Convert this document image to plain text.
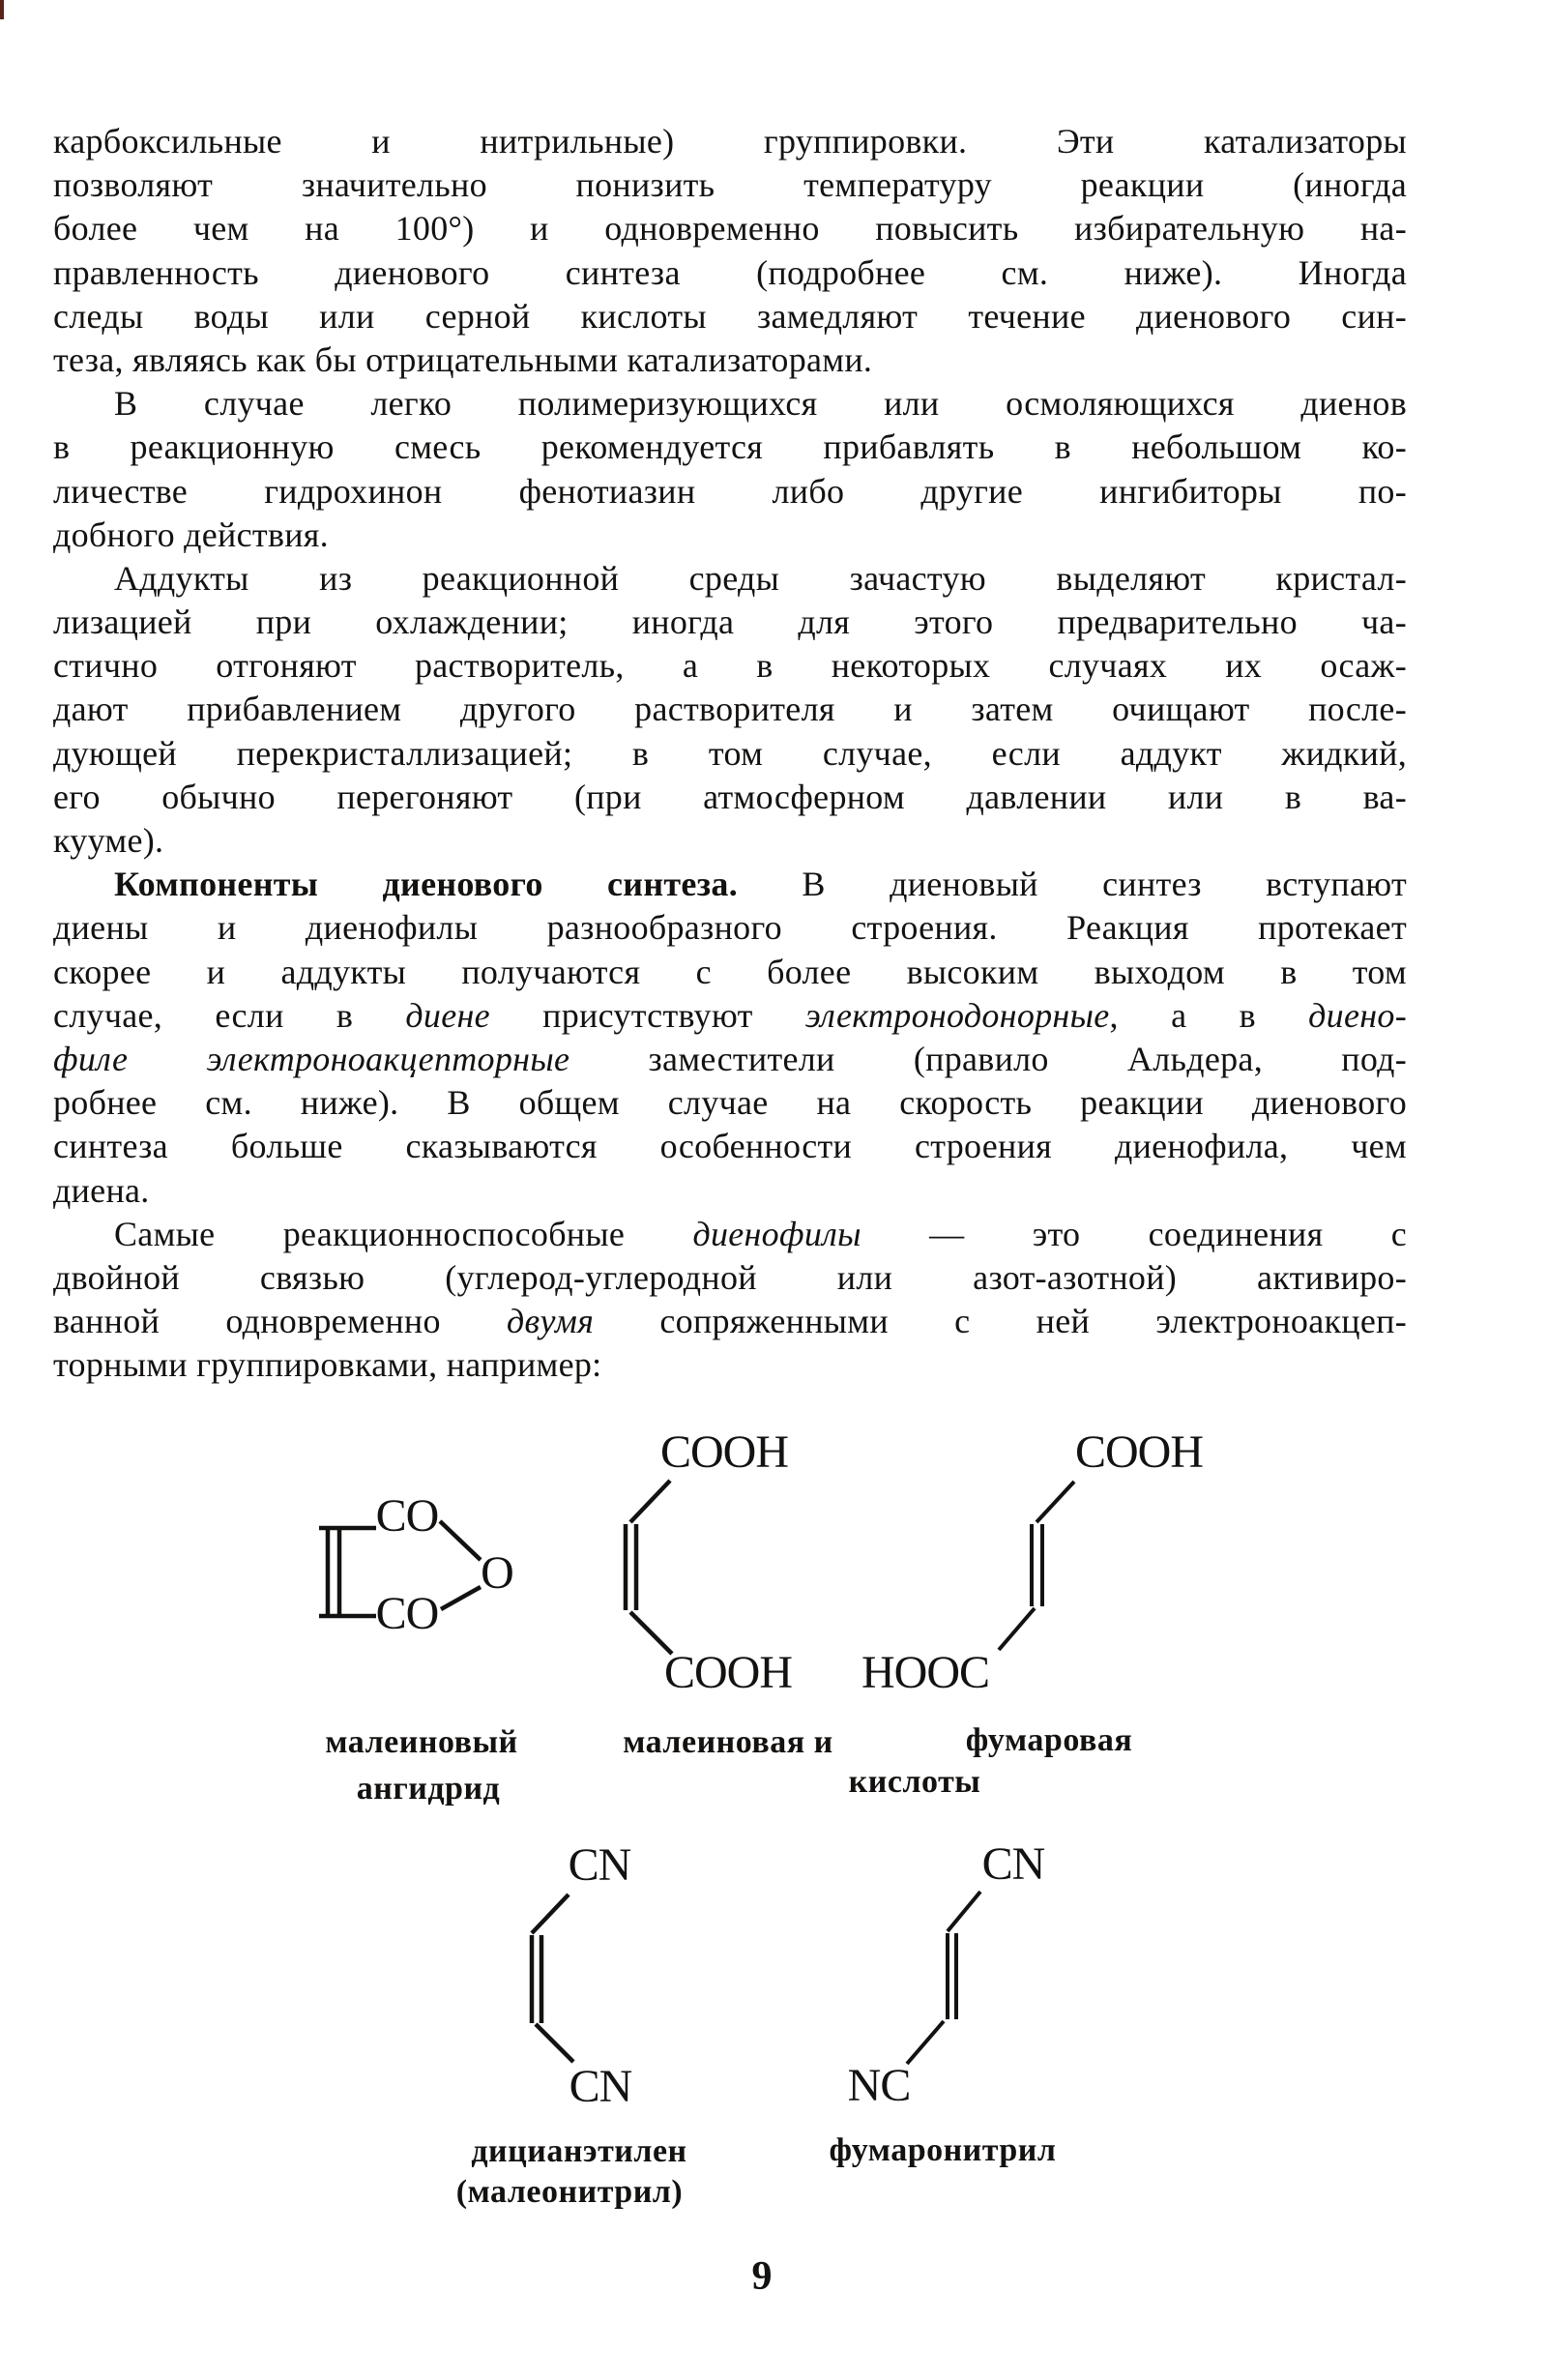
карбоксильные и нитрильные) группировки. Эти катализаторы
позволяют значительно понизить температуру реакции (иногда
более чем на 100°) и одновременно повысить избирательную на-
правленность диенового синтеза (подробнее см. ниже). Иногда
следы воды или серной кислоты замедляют течение диенового син-
теза, являясь как бы отрицательными катализаторами.
В случае легко полимеризующихся или осмоляющихся диенов
в реакционную смесь рекомендуется прибавлять в небольшом ко-
личестве гидрохинон фенотиазин либо другие ингибиторы по-
добного действия.
Аддукты из реакционной среды зачастую выделяют кристал-
лизацией при охлаждении; иногда для этого предварительно ча-
стично отгоняют растворитель, а в некоторых случаях их осаж-
дают прибавлением другого растворителя и затем очищают после-
дующей перекристаллизацией; в том случае, если аддукт жидкий,
его обычно перегоняют (при атмосферном давлении или в ва-
кууме).
Компоненты диенового синтеза. В диеновый синтез вступают
диены и диенофилы разнообразного строения. Реакция протекает
скорее и аддукты получаются с более высоким выходом в том
случае, если в диене присутствуют электронодонорные, а в диено-
филе электроноакцепторные заместители (правило Альдера, под-
робнее см. ниже). В общем случае на скорость реакции диенового
синтеза больше сказываются особенности строения диенофила, чем
диена.
Самые реакционноспособные диенофилы — это соединения с
двойной связью (углерод-углеродной или азот-азотной) активиро-
ванной одновременно двумя сопряженными с ней электроноакцеп-
торными группировками, например:
CO
O
CO
COOH
COOH
COOH
HOOC
малеиновый
ангидрид
малеиновая и	фумаровая
кислоты
CN
CN
дицианэтилен
(малеонитрил)
CN
NC
фумаронитрил
9
